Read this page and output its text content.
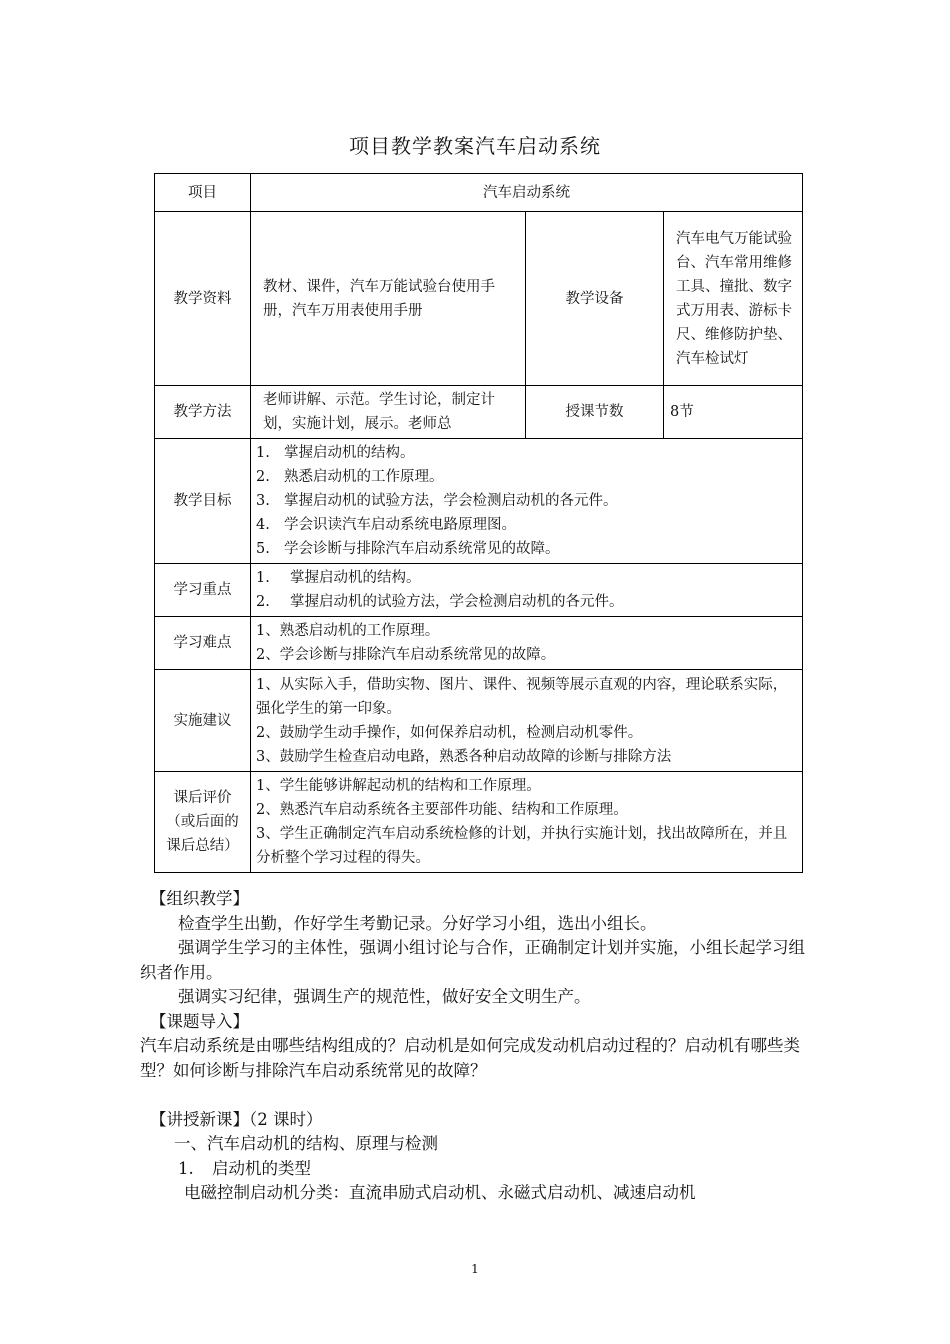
项目教学教案汽车启动系统
项目	汽车启动系统		
教学资料	教材、课件，汽车万能试验台使用手册，汽车万用表使用手册	教学设备	汽车电气万能试验台、汽车常用维修工具、撞批、数字式万用表、游标卡尺、维修防护垫、汽车检试灯
教学方法	老师讲解、示范。学生讨论，制定计划，实施计划，展示。老师总	授课节数	8节
教学目标	1. 掌握启动机的结构。
2. 熟悉启动机的工作原理。
3. 掌握启动机的试验方法，学会检测启动机的各元件。
4. 学会识读汽车启动系统电路原理图。
5. 学会诊断与排除汽车启动系统常见的故障。		

学习重点	1. 掌握启动机的结构。
2. 掌握启动机的试验方法，学会检测启动机的各元件。		

学习难点	1、熟悉启动机的工作原理。
2、学会诊断与排除汽车启动系统常见的故障。		

实施建议	1、从实际入手，借助实物、图片、课件、视频等展示直观的内容，理论联系实际，强化学生的第一印象。
2、鼓励学生动手操作，如何保养启动机，检测启动机零件。
3、鼓励学生检查启动电路，熟悉各种启动故障的诊断与排除方法		

课后评价（或后面的课后总结）	1、学生能够讲解起动机的结构和工作原理。
2、熟悉汽车启动系统各主要部件功能、结构和工作原理。
3、学生正确制定汽车启动系统检修的计划，并执行实施计划，找出故障所在，并且分析整个学习过程的得失。		

【组织教学】

检查学生出勤，作好学生考勤记录。分好学习小组，选出小组长。

强调学生学习的主体性，强调小组讨论与合作，正确制定计划并实施，小组长起学习组织者作用。

强调实习纪律，强调生产的规范性，做好安全文明生产。

【课题导入】

汽车启动系统是由哪些结构组成的？启动机是如何完成发动机启动过程的？启动机有哪些类型？如何诊断与排除汽车启动系统常见的故障？

【讲授新课】（2 课时）

一、汽车启动机的结构、原理与检测

1. 启动机的类型

电磁控制启动机分类：直流串励式启动机、永磁式启动机、减速启动机

1
